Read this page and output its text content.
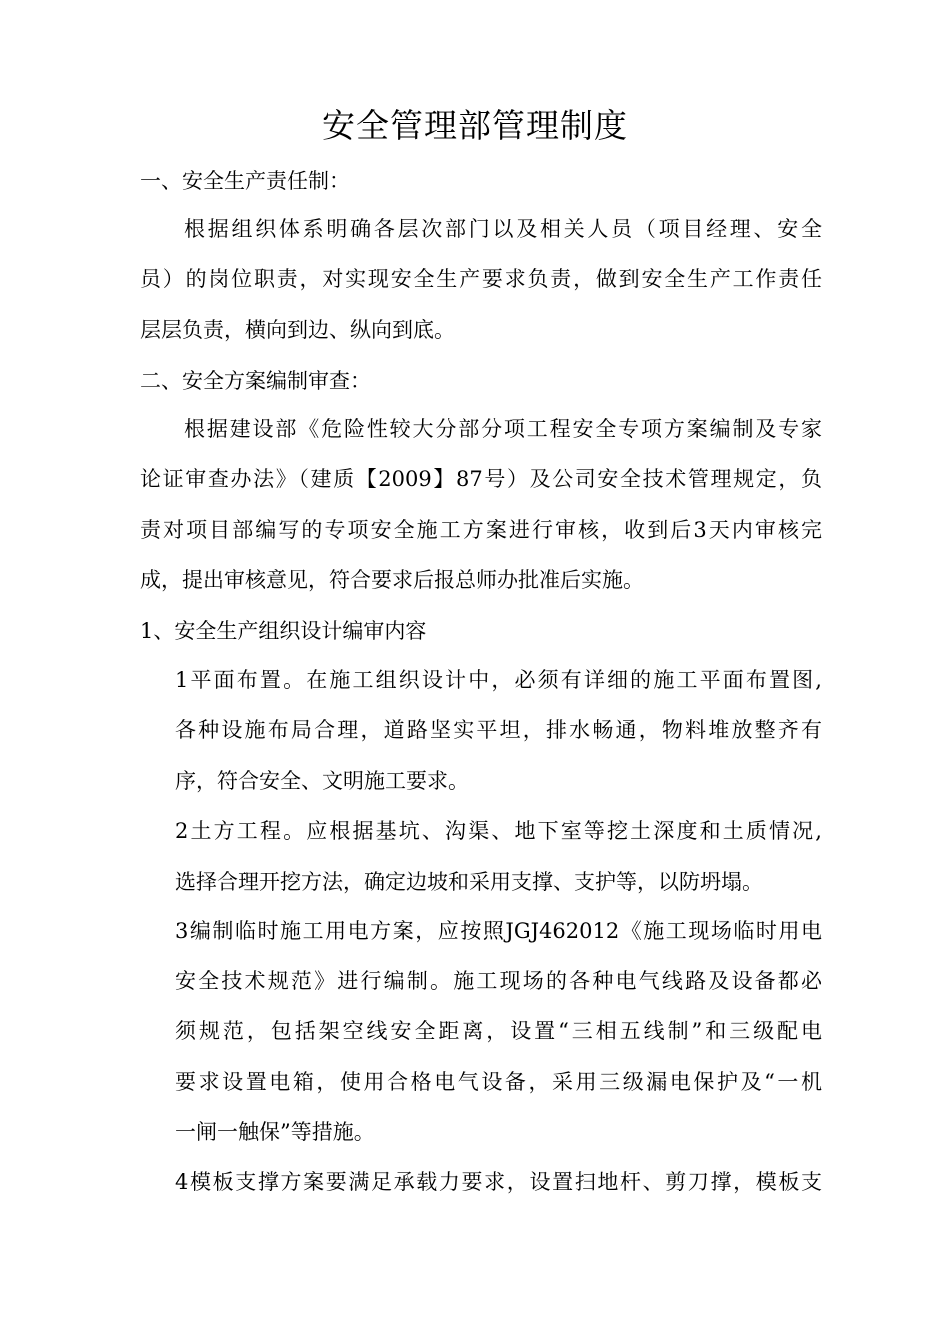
安全管理部管理制度
一、安全生产责任制：
根据组织体系明确各层次部门以及相关人员（项目经理、安全
员）的岗位职责，对实现安全生产要求负责，做到安全生产工作责任
层层负责，横向到边、纵向到底。
二、安全方案编制审查：
根据建设部《危险性较大分部分项工程安全专项方案编制及专家
论证审查办法》（建质【2009】87号）及公司安全技术管理规定，负
责对项目部编写的专项安全施工方案进行审核，收到后3天内审核完
成，提出审核意见，符合要求后报总师办批准后实施。
1、安全生产组织设计编审内容
1平面布置。在施工组织设计中，必须有详细的施工平面布置图,
各种设施布局合理，道路坚实平坦，排水畅通，物料堆放整齐有
序，符合安全、文明施工要求。
2土方工程。应根据基坑、沟渠、地下室等挖土深度和土质情况,
选择合理开挖方法，确定边坡和采用支撑、支护等，以防坍塌。
3编制临时施工用电方案，应按照JGJ462012《施工现场临时用电
安全技术规范》进行编制。施工现场的各种电气线路及设备都必
须规范，包括架空线安全距离，设置“三相五线制”和三级配电
要求设置电箱，使用合格电气设备，采用三级漏电保护及“一机
一闸一触保”等措施。
4模板支撑方案要满足承载力要求，设置扫地杆、剪刀撑，模板支
